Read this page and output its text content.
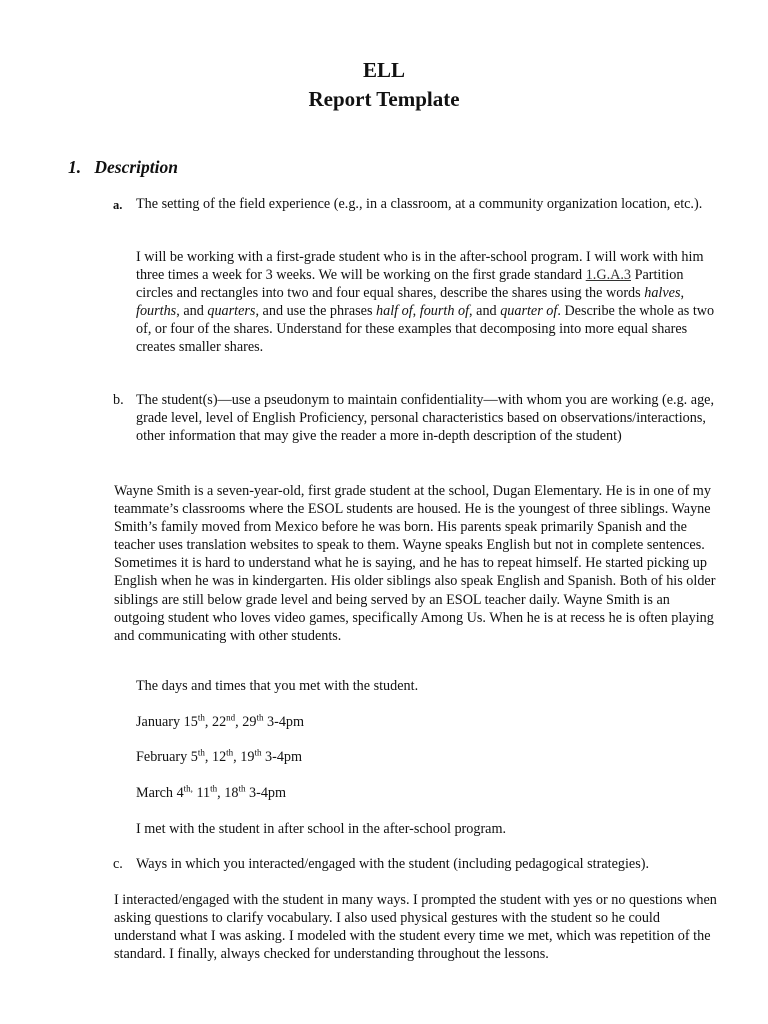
ELL
Report Template
1. Description
a. The setting of the field experience (e.g., in a classroom, at a community organization location, etc.).

I will be working with a first-grade student who is in the after-school program. I will work with him three times a week for 3 weeks. We will be working on the first grade standard 1.G.A.3 Partition circles and rectangles into two and four equal shares, describe the shares using the words halves, fourths, and quarters, and use the phrases half of, fourth of, and quarter of. Describe the whole as two of, or four of the shares. Understand for these examples that decomposing into more equal shares creates smaller shares.

b. The student(s)—use a pseudonym to maintain confidentiality—with whom you are working (e.g. age, grade level, level of English Proficiency, personal characteristics based on observations/interactions, other information that may give the reader a more in-depth description of the student)

Wayne Smith is a seven-year-old, first grade student at the school, Dugan Elementary. He is in one of my teammate’s classrooms where the ESOL students are housed. He is the youngest of three siblings. Wayne Smith’s family moved from Mexico before he was born. His parents speak primarily Spanish and the teacher uses translation websites to speak to them. Wayne speaks English but not in complete sentences. Sometimes it is hard to understand what he is saying, and he has to repeat himself. He started picking up English when he was in kindergarten. His older siblings also speak English and Spanish. Both of his older siblings are still below grade level and being served by an ESOL teacher daily. Wayne Smith is an outgoing student who loves video games, specifically Among Us. When he is at recess he is often playing and communicating with other students.

The days and times that you met with the student.

January 15th, 22nd, 29th 3-4pm

February 5th, 12th, 19th 3-4pm

March $4^{th,}$ 11th, 18th 3-4pm

I met with the student in after school in the after-school program.

c. Ways in which you interacted/engaged with the student (including pedagogical strategies).

I interacted/engaged with the student in many ways. I prompted the student with yes or no questions when asking questions to clarify vocabulary. I also used physical gestures with the student so he could understand what I was asking. I modeled with the student every time we met, which was repetition of the standard. I finally, always checked for understanding throughout the lessons.
